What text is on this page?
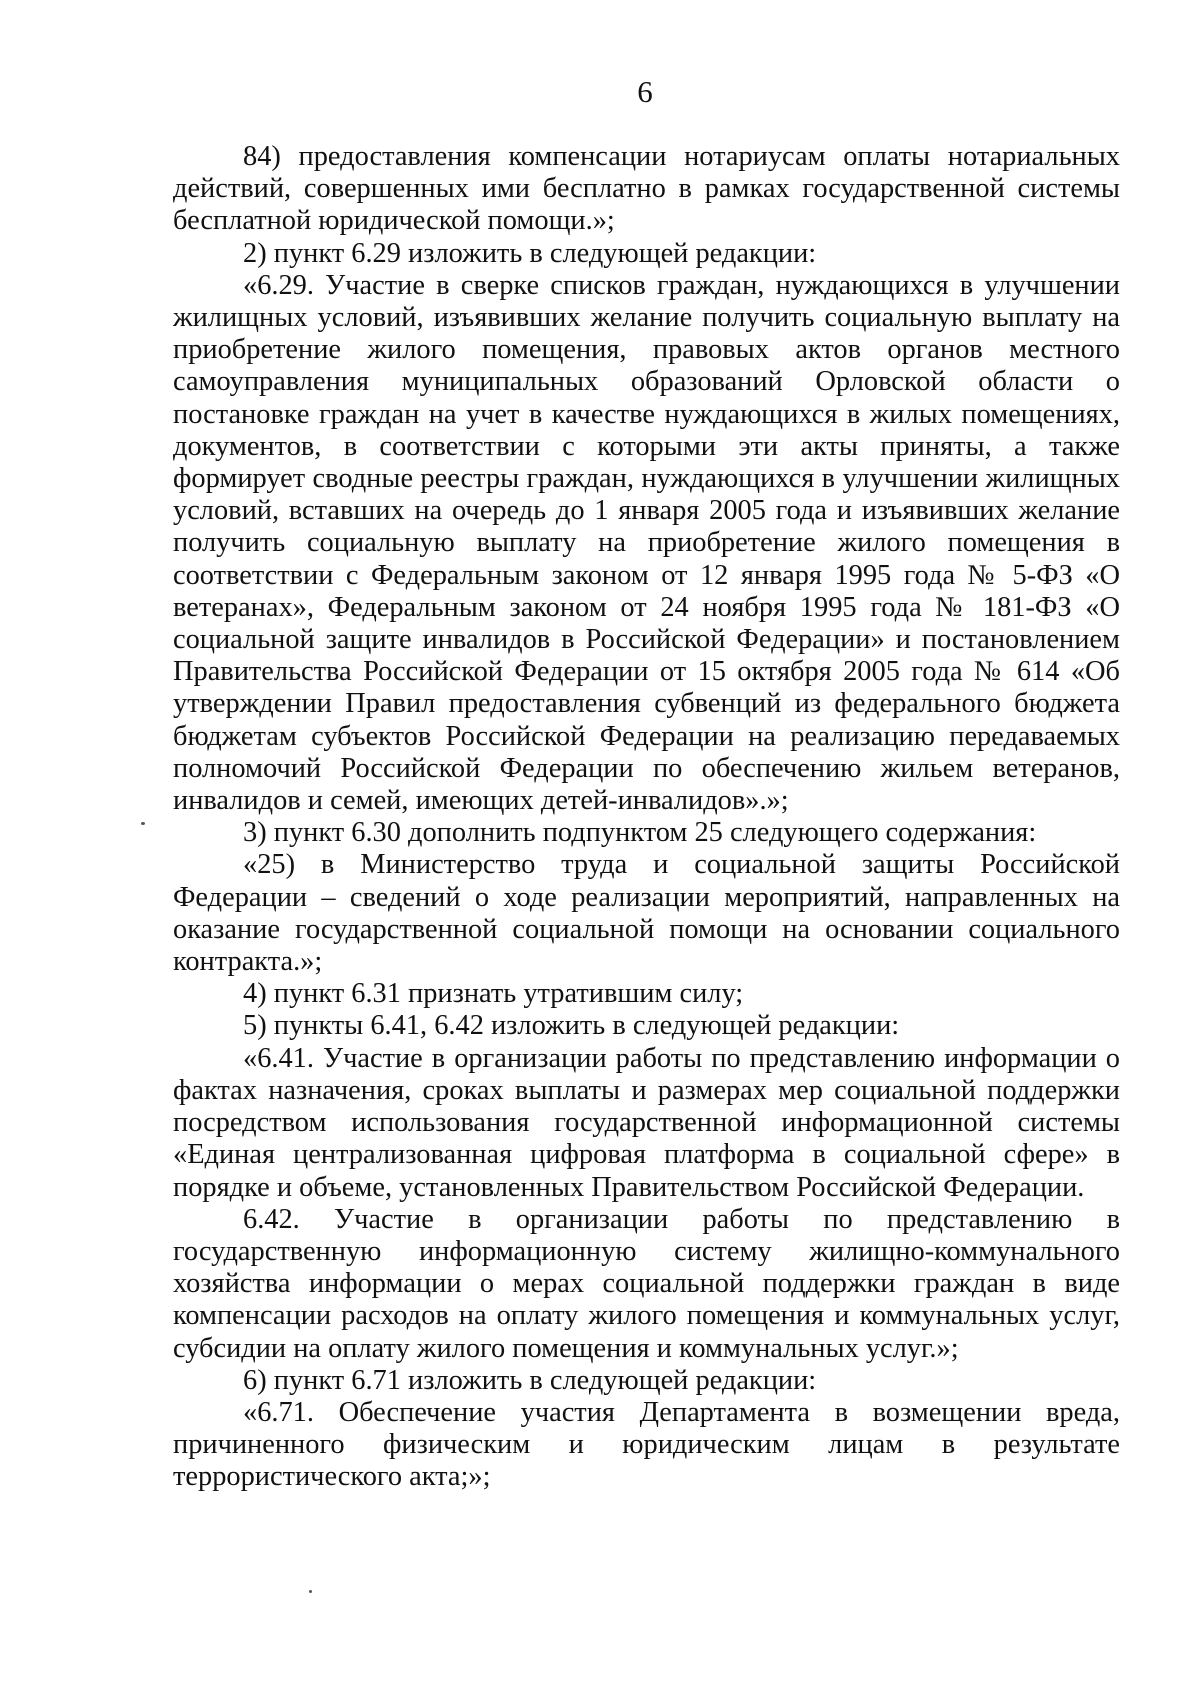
6

84) предоставления компенсации нотариусам оплаты нотариальных действий, совершенных ими бесплатно в рамках государственной системы бесплатной юридической помощи.»;

2) пункт 6.29 изложить в следующей редакции:

«6.29. Участие в сверке списков граждан, нуждающихся в улучшении жилищных условий, изъявивших желание получить социальную выплату на приобретение жилого помещения, правовых актов органов местного самоуправления муниципальных образований Орловской области о постановке граждан на учет в качестве нуждающихся в жилых помещениях, документов, в соответствии с которыми эти акты приняты, а также формирует сводные реестры граждан, нуждающихся в улучшении жилищных условий, вставших на очередь до 1 января 2005 года и изъявивших желание получить социальную выплату на приобретение жилого помещения в соответствии с Федеральным законом от 12 января 1995 года № 5-ФЗ «О ветеранах», Федеральным законом от 24 ноября 1995 года № 181-ФЗ «О социальной защите инвалидов в Российской Федерации» и постановлением Правительства Российской Федерации от 15 октября 2005 года № 614 «Об утверждении Правил предоставления субвенций из федерального бюджета бюджетам субъектов Российской Федерации на реализацию передаваемых полномочий Российской Федерации по обеспечению жильем ветеранов, инвалидов и семей, имеющих детей-инвалидов».»;

3) пункт 6.30 дополнить подпунктом 25 следующего содержания:

«25) в Министерство труда и социальной защиты Российской Федерации – сведений о ходе реализации мероприятий, направленных на оказание государственной социальной помощи на основании социального контракта.»;

4) пункт 6.31 признать утратившим силу;

5) пункты 6.41, 6.42 изложить в следующей редакции:

«6.41. Участие в организации работы по представлению информации о фактах назначения, сроках выплаты и размерах мер социальной поддержки посредством использования государственной информационной системы «Единая централизованная цифровая платформа в социальной сфере» в порядке и объеме, установленных Правительством Российской Федерации.

6.42. Участие в организации работы по представлению в государственную информационную систему жилищно-коммунального хозяйства информации о мерах социальной поддержки граждан в виде компенсации расходов на оплату жилого помещения и коммунальных услуг, субсидии на оплату жилого помещения и коммунальных услуг.»;

6) пункт 6.71 изложить в следующей редакции:

«6.71. Обеспечение участия Департамента в возмещении вреда, причиненного физическим и юридическим лицам в результате террористического акта;»;
